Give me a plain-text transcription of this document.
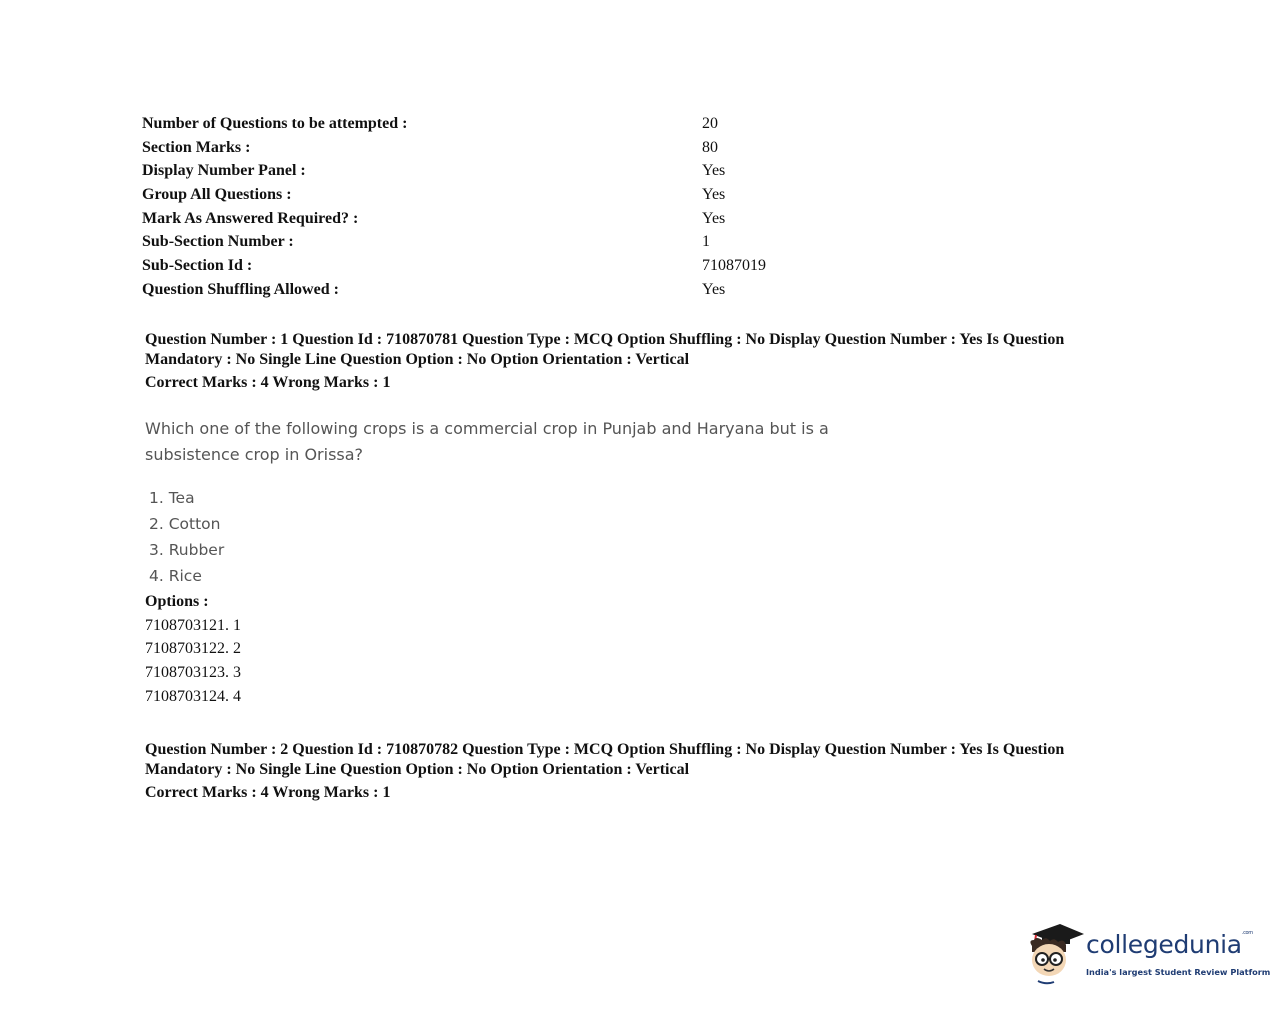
Number of Questions to be attempted :	20
Section Marks :	80
Display Number Panel :	Yes
Group All Questions :	Yes
Mark As Answered Required? :	Yes
Sub-Section Number :	1
Sub-Section Id :	71087019
Question Shuffling Allowed :	Yes
Question Number : 1 Question Id : 710870781 Question Type : MCQ Option Shuffling : No Display Question Number : Yes Is Question
Mandatory : No Single Line Question Option : No Option Orientation : Vertical
Correct Marks : 4 Wrong Marks : 1
Which one of the following crops is a commercial crop in Punjab and Haryana but is a
subsistence crop in Orissa?
1. Tea
2. Cotton
3. Rubber
4. Rice
Options :
7108703121. 1
7108703122. 2
7108703123. 3
7108703124. 4
Question Number : 2 Question Id : 710870782 Question Type : MCQ Option Shuffling : No Display Question Number : Yes Is Question
Mandatory : No Single Line Question Option : No Option Orientation : Vertical
Correct Marks : 4 Wrong Marks : 1
collegedunia$^{.com}$
India's largest Student Review Platform
